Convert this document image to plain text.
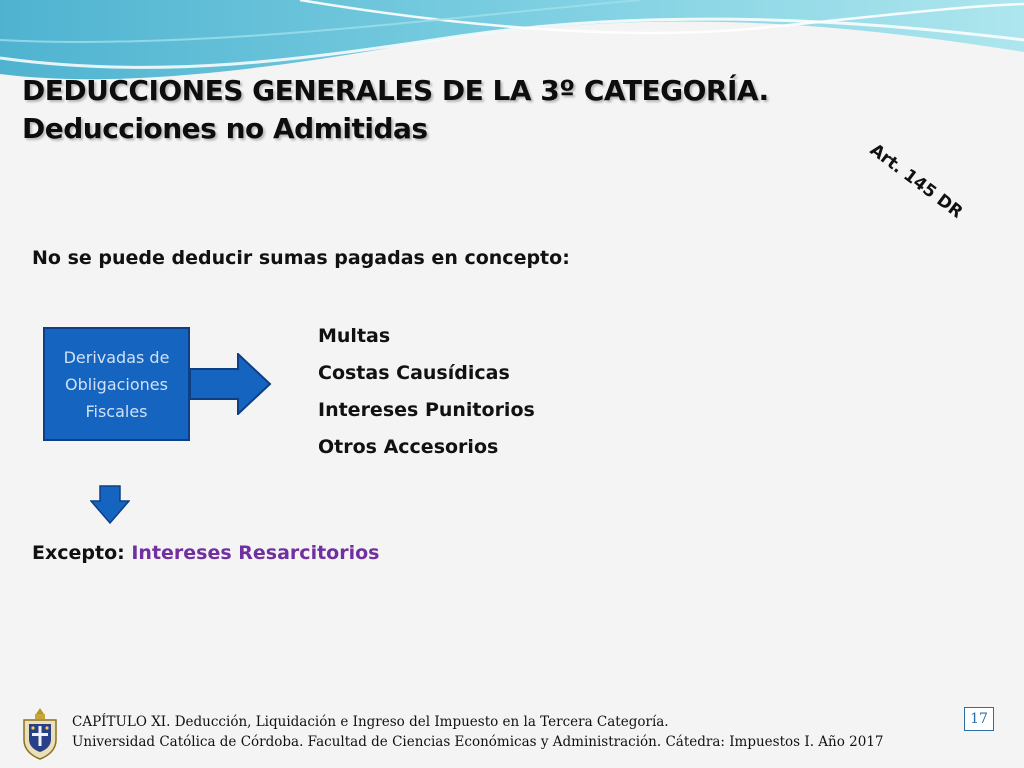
DEDUCCIONES GENERALES DE LA 3º CATEGORÍA.
Deducciones no Admitidas
Art. 145 DR
No se puede deducir sumas pagadas en concepto:
Derivadas de
Obligaciones
Fiscales
Multas
Costas Causídicas
Intereses Punitorios
Otros Accesorios
Excepto: Intereses Resarcitorios
CAPÍTULO XI. Deducción, Liquidación e Ingreso del Impuesto en la Tercera Categoría.
Universidad Católica de Córdoba. Facultad de Ciencias Económicas y Administración. Cátedra: Impuestos I. Año 2017
17
